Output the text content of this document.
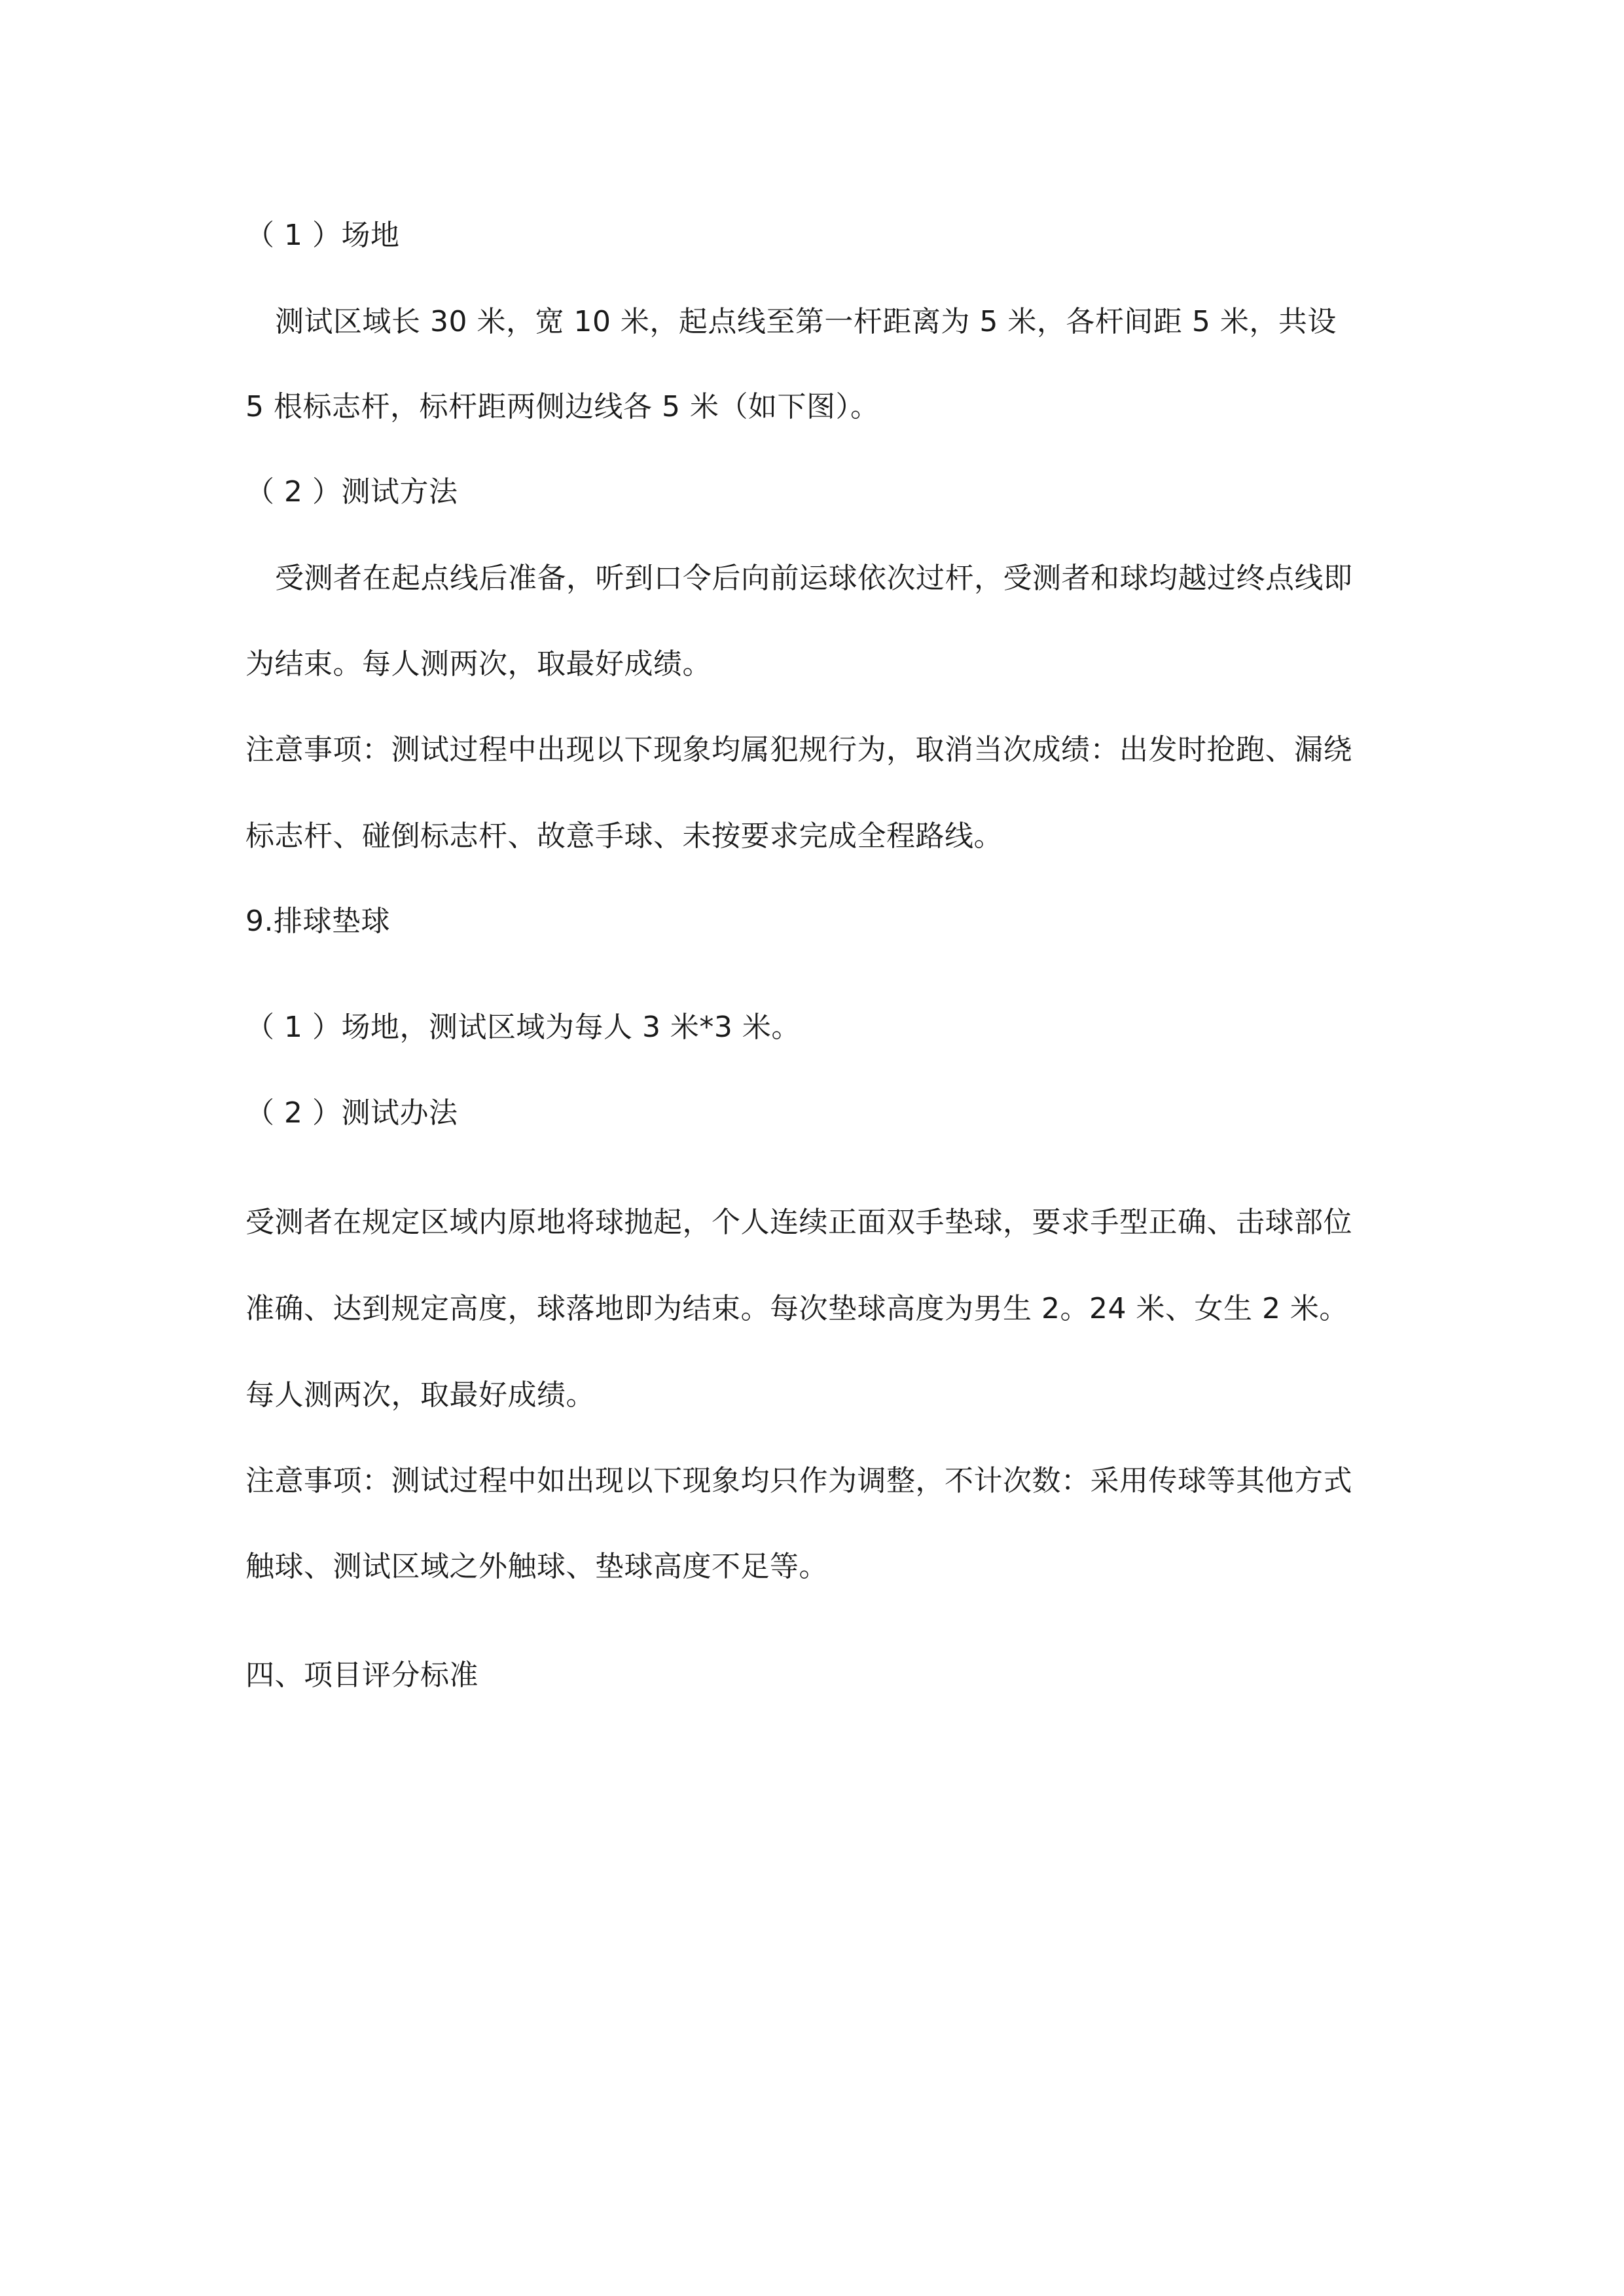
（ 1 ）场地
测试区域长 30 米，宽 10 米，起点线至第一杆距离为 5 米，各杆间距 5 米，共设
5 根标志杆，标杆距两侧边线各 5 米（如下图）。
（ 2 ）测试方法
受测者在起点线后准备，听到口令后向前运球依次过杆，受测者和球均越过终点线即
为结束。每人测两次，取最好成绩。
注意事项：测试过程中出现以下现象均属犯规行为，取消当次成绩：出发时抢跑、漏绕
标志杆、碰倒标志杆、故意手球、未按要求完成全程路线。
9.排球垫球
（ 1 ）场地，测试区域为每人 3 米*3 米。
（ 2 ）测试办法
受测者在规定区域内原地将球抛起，个人连续正面双手垫球，要求手型正确、击球部位
准确、达到规定高度，球落地即为结束。每次垫球高度为男生 2。24 米、女生 2 米。
每人测两次，取最好成绩。
注意事项：测试过程中如出现以下现象均只作为调整，不计次数：采用传球等其他方式
触球、测试区域之外触球、垫球高度不足等。
四、项目评分标准
